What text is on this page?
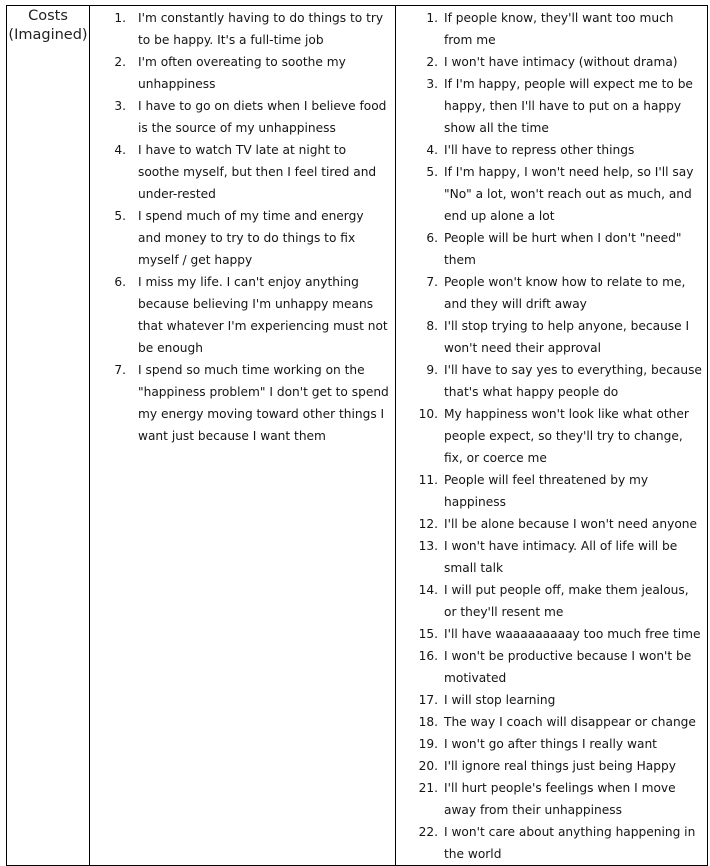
Costs
(Imagined)

1. I'm constantly having to do things to try to be happy. It's a full-time job
2. I'm often overeating to soothe my unhappiness
3. I have to go on diets when I believe food is the source of my unhappiness
4. I have to watch TV late at night to soothe myself, but then I feel tired and under-rested
5. I spend much of my time and energy and money to try to do things to fix myself / get happy
6. I miss my life. I can't enjoy anything because believing I'm unhappy means that whatever I'm experiencing must not be enough
7. I spend so much time working on the "happiness problem" I don't get to spend my energy moving toward other things I want just because I want them

1. If people know, they'll want too much from me
2. I won't have intimacy (without drama)
3. If I'm happy, people will expect me to be happy, then I'll have to put on a happy show all the time
4. I'll have to repress other things
5. If I'm happy, I won't need help, so I'll say "No" a lot, won't reach out as much, and end up alone a lot
6. People will be hurt when I don't "need" them
7. People won't know how to relate to me, and they will drift away
8. I'll stop trying to help anyone, because I won't need their approval
9. I'll have to say yes to everything, because that's what happy people do
10. My happiness won't look like what other people expect, so they'll try to change, fix, or coerce me
11. People will feel threatened by my happiness
12. I'll be alone because I won't need anyone
13. I won't have intimacy. All of life will be small talk
14. I will put people off, make them jealous, or they'll resent me
15. I'll have waaaaaaaaay too much free time
16. I won't be productive because I won't be motivated
17. I will stop learning
18. The way I coach will disappear or change
19. I won't go after things I really want
20. I'll ignore real things just being Happy
21. I'll hurt people's feelings when I move away from their unhappiness
22. I won't care about anything happening in the world
